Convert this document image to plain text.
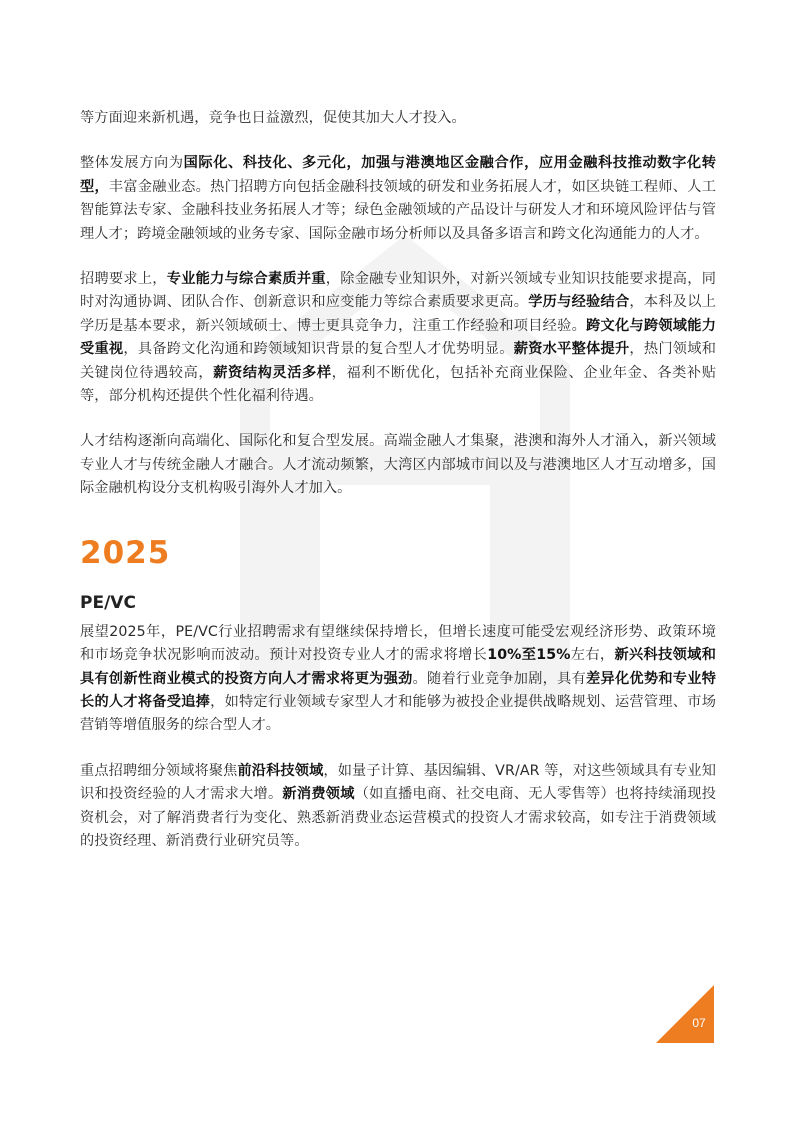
等方面迎来新机遇，竞争也日益激烈，促使其加大人才投入。

整体发展方向为国际化、科技化、多元化，加强与港澳地区金融合作，应用金融科技推动数字化转型，丰富金融业态。热门招聘方向包括金融科技领域的研发和业务拓展人才，如区块链工程师、人工智能算法专家、金融科技业务拓展人才等；绿色金融领域的产品设计与研发人才和环境风险评估与管理人才；跨境金融领域的业务专家、国际金融市场分析师以及具备多语言和跨文化沟通能力的人才。

招聘要求上，专业能力与综合素质并重，除金融专业知识外，对新兴领域专业知识技能要求提高，同时对沟通协调、团队合作、创新意识和应变能力等综合素质要求更高。学历与经验结合，本科及以上学历是基本要求，新兴领域硕士、博士更具竞争力，注重工作经验和项目经验。跨文化与跨领域能力受重视，具备跨文化沟通和跨领域知识背景的复合型人才优势明显。薪资水平整体提升，热门领域和关键岗位待遇较高，薪资结构灵活多样，福利不断优化，包括补充商业保险、企业年金、各类补贴等，部分机构还提供个性化福利待遇。

人才结构逐渐向高端化、国际化和复合型发展。高端金融人才集聚，港澳和海外人才涌入，新兴领域专业人才与传统金融人才融合。人才流动频繁，大湾区内部城市间以及与港澳地区人才互动增多，国际金融机构设分支机构吸引海外人才加入。

2025
PE/VC

展望2025年，PE/VC行业招聘需求有望继续保持增长，但增长速度可能受宏观经济形势、政策环境和市场竞争状况影响而波动。预计对投资专业人才的需求将增长10%至15%左右，新兴科技领域和具有创新性商业模式的投资方向人才需求将更为强劲。随着行业竞争加剧，具有差异化优势和专业特长的人才将备受追捧，如特定行业领域专家型人才和能够为被投企业提供战略规划、运营管理、市场营销等增值服务的综合型人才。

重点招聘细分领域将聚焦前沿科技领域，如量子计算、基因编辑、VR/AR 等，对这些领域具有专业知识和投资经验的人才需求大增。新消费领域（如直播电商、社交电商、无人零售等）也将持续涌现投资机会，对了解消费者行为变化、熟悉新消费业态运营模式的投资人才需求较高，如专注于消费领域的投资经理、新消费行业研究员等。

07
